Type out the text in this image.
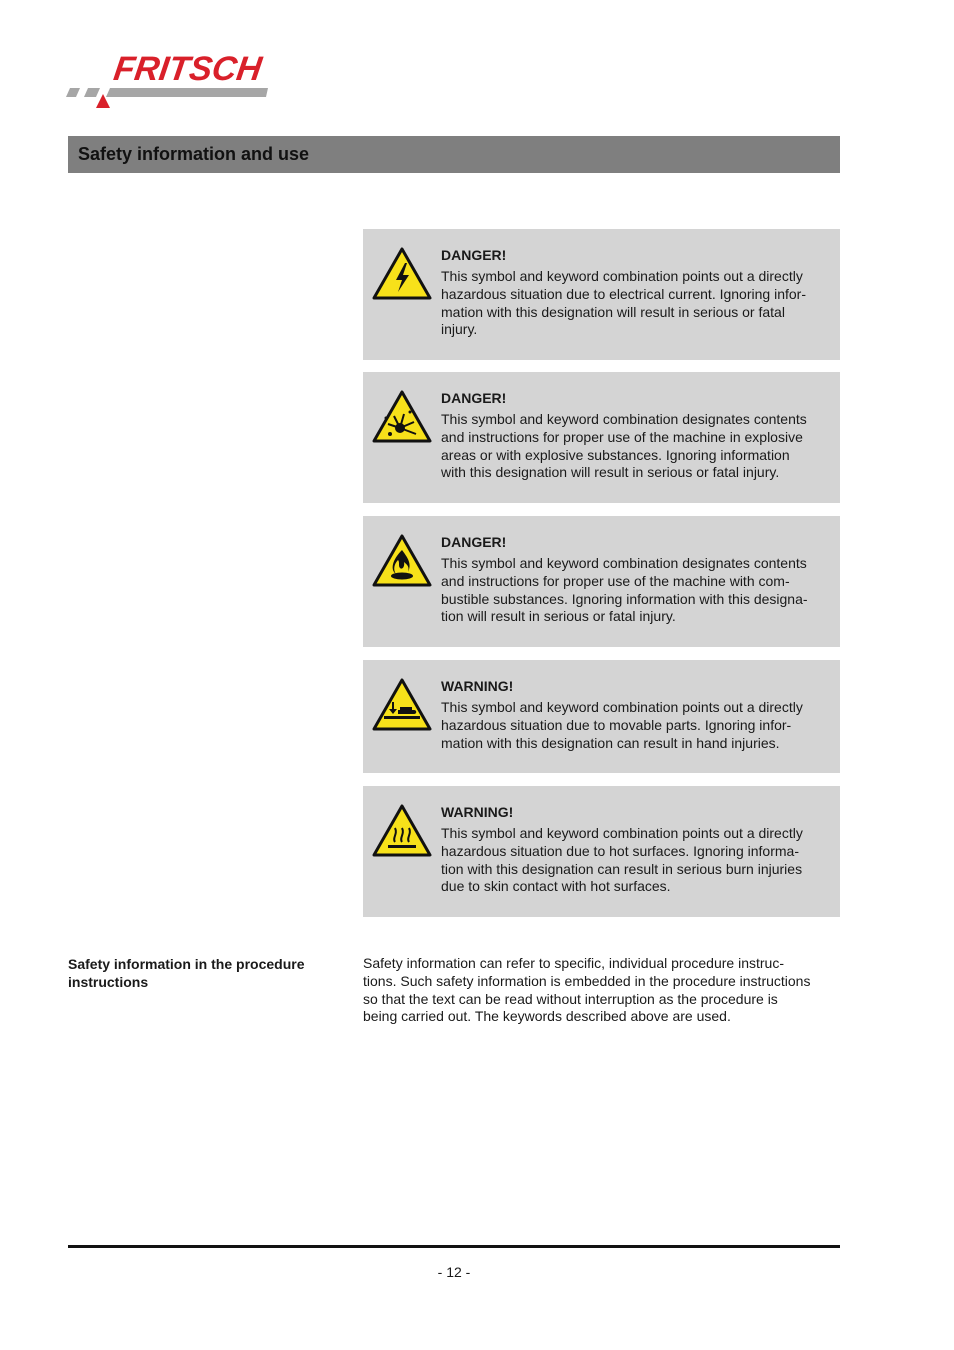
FRITSCH
Safety information and use
DANGER!
This symbol and keyword combination points out a directly
hazardous situation due to electrical current. Ignoring infor-
mation with this designation will result in serious or fatal
injury.
DANGER!
This symbol and keyword combination designates contents
and instructions for proper use of the machine in explosive
areas or with explosive substances. Ignoring information
with this designation will result in serious or fatal injury.
DANGER!
This symbol and keyword combination designates contents
and instructions for proper use of the machine with com-
bustible substances. Ignoring information with this designa-
tion will result in serious or fatal injury.
WARNING!
This symbol and keyword combination points out a directly
hazardous situation due to movable parts. Ignoring infor-
mation with this designation can result in hand injuries.
WARNING!
This symbol and keyword combination points out a directly
hazardous situation due to hot surfaces. Ignoring informa-
tion with this designation can result in serious burn injuries
due to skin contact with hot surfaces.
Safety information in the procedure instructions
Safety information can refer to specific, individual procedure instruc-
tions. Such safety information is embedded in the procedure instructions
so that the text can be read without interruption as the procedure is
being carried out. The keywords described above are used.
- 12 -
